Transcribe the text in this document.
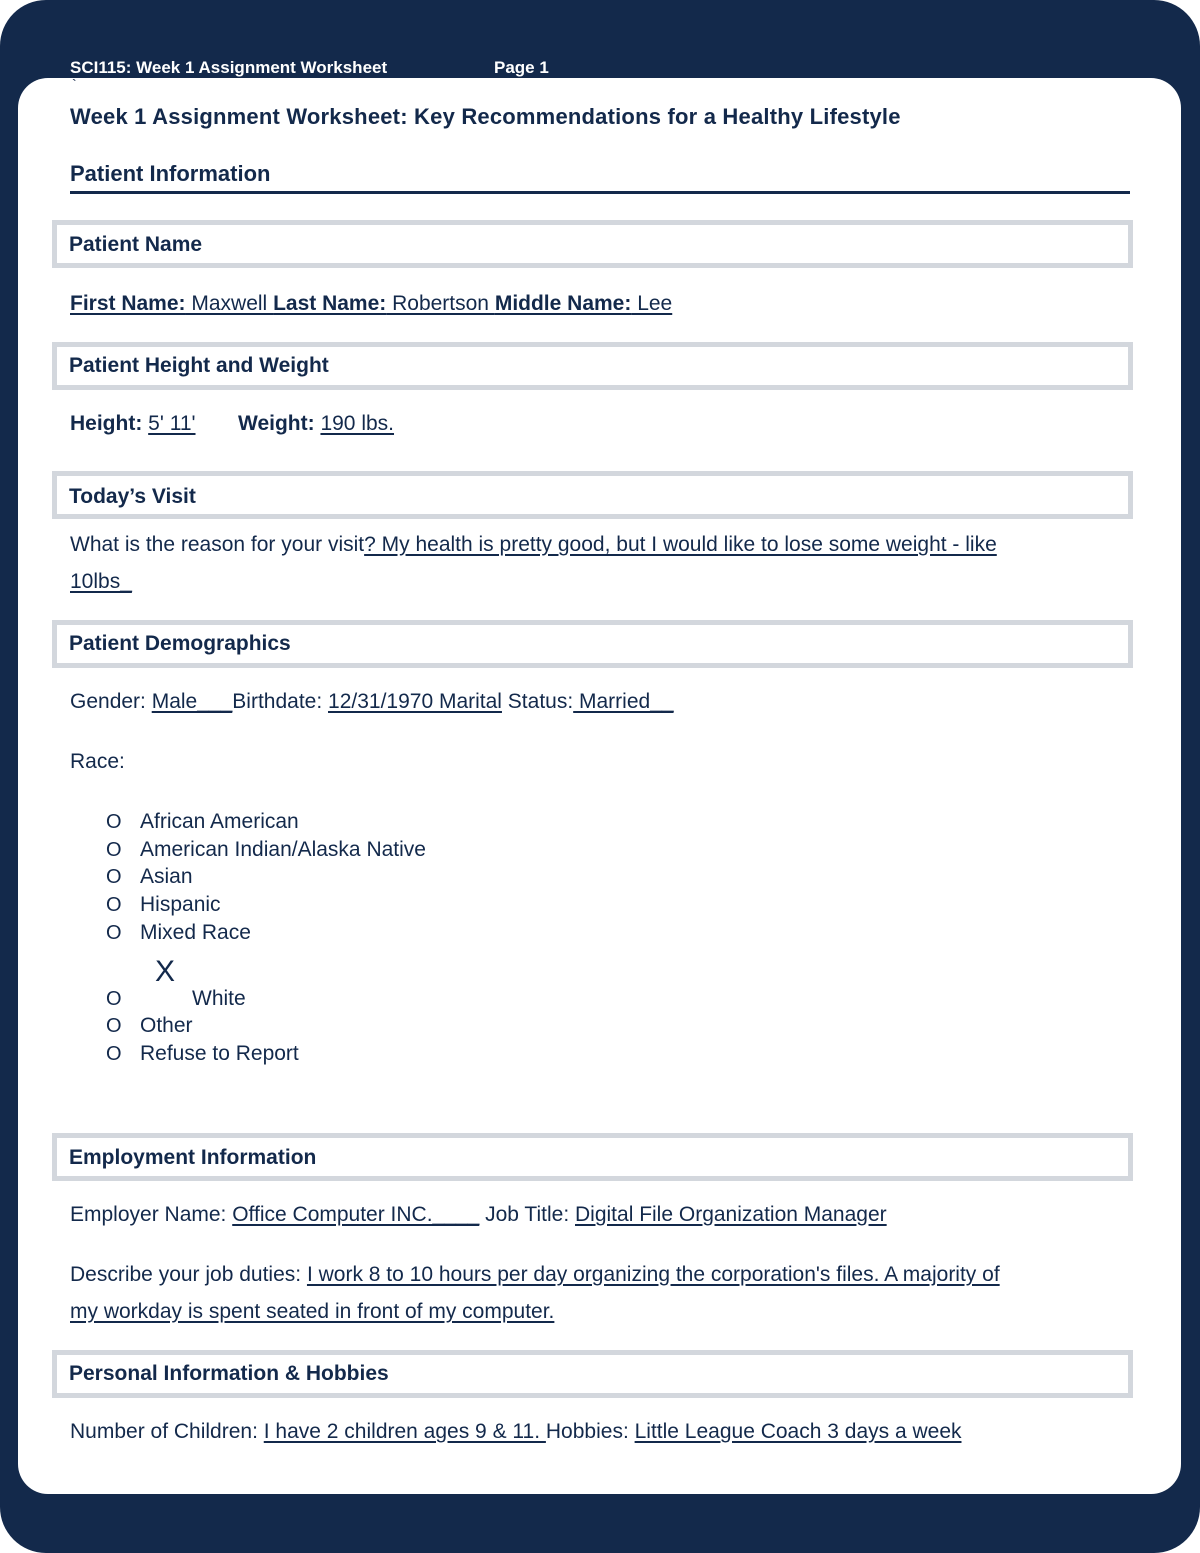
SCI115: Week 1 Assignment Worksheet	Page 1
`
Week 1 Assignment Worksheet: Key Recommendations for a Healthy Lifestyle
Patient Information
Patient Name
First Name: Maxwell Last Name: Robertson Middle Name: Lee
Patient Height and Weight
Height: 5' 11' Weight: 190 lbs.
Today’s Visit
What is the reason for your visit? My health is pretty good, but I would like to lose some weight - like
10lbs_
Patient Demographics
Gender: Male___Birthdate: 12/31/1970 Marital Status: Married__
Race:
O African American
O American Indian/Alaska Native
O Asian
O Hispanic
O Mixed Race
X
O	White
O Other
O Refuse to Report
Employment Information
Employer Name: Office Computer INC.____ Job Title: Digital File Organization Manager
Describe your job duties: I work 8 to 10 hours per day organizing the corporation's files. A majority of
my workday is spent seated in front of my computer.
Personal Information & Hobbies
Number of Children: I have 2 children ages 9 & 11. Hobbies: Little League Coach 3 days a week
